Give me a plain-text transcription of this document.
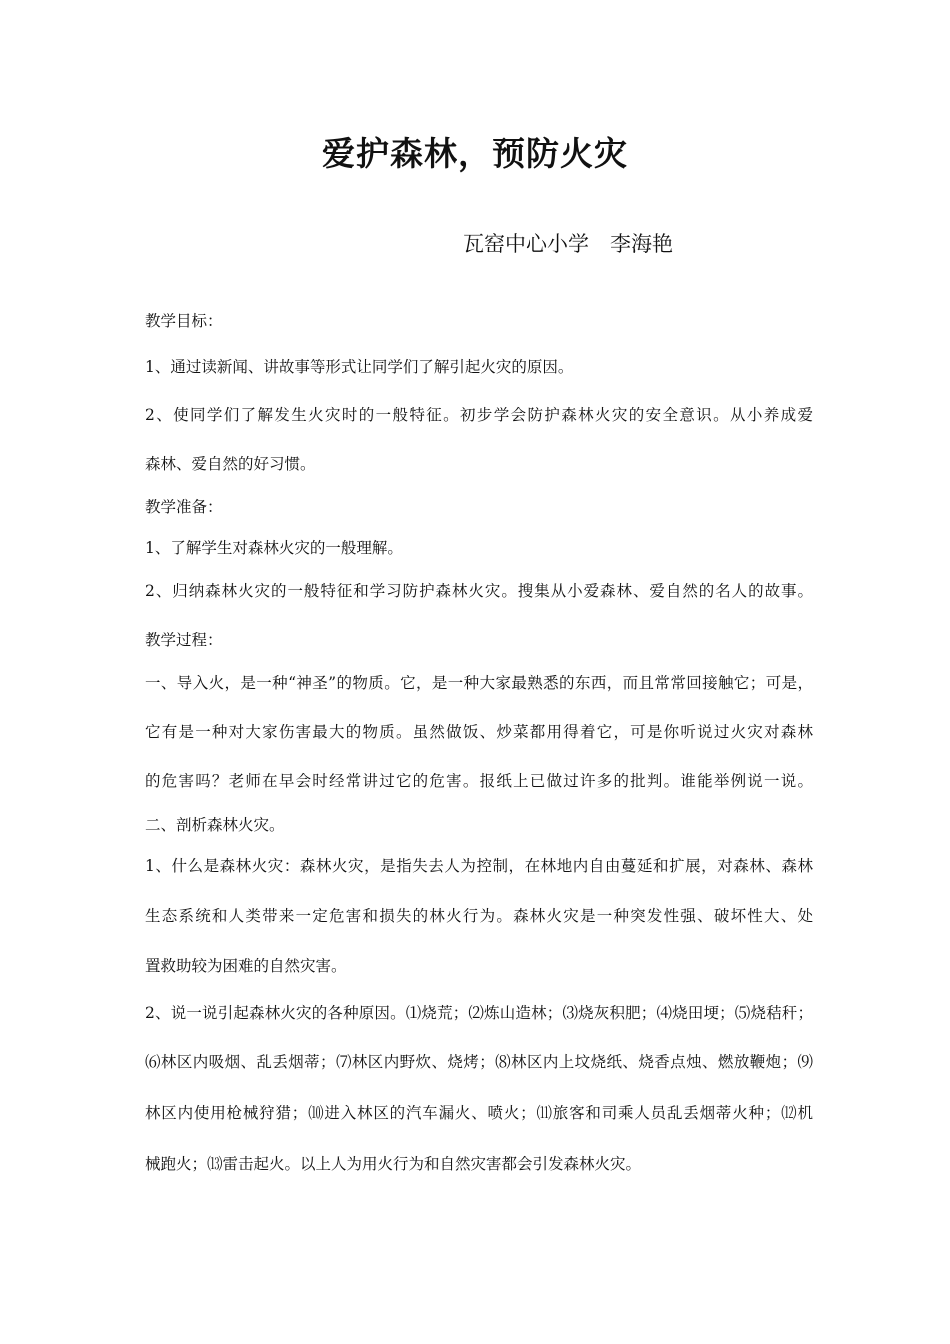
爱护森林，预防火灾
瓦窑中心小学　李海艳
教学目标：
1、通过读新闻、讲故事等形式让同学们了解引起火灾的原因。
2、使同学们了解发生火灾时的一般特征。初步学会防护森林火灾的安全意识。从小养成爱
森林、爱自然的好习惯。
教学准备：
1、了解学生对森林火灾的一般理解。
2、归纳森林火灾的一般特征和学习防护森林火灾。搜集从小爱森林、爱自然的名人的故事。
教学过程：
一、导入火，是一种“神圣”的物质。它，是一种大家最熟悉的东西，而且常常回接触它；可是，
它有是一种对大家伤害最大的物质。虽然做饭、炒菜都用得着它，可是你听说过火灾对森林
的危害吗？老师在早会时经常讲过它的危害。报纸上已做过许多的批判。谁能举例说一说。
二、剖析森林火灾。
1、什么是森林火灾：森林火灾，是指失去人为控制，在林地内自由蔓延和扩展，对森林、森林
生态系统和人类带来一定危害和损失的林火行为。森林火灾是一种突发性强、破坏性大、处
置救助较为困难的自然灾害。
2、说一说引起森林火灾的各种原因。⑴烧荒；⑵炼山造林；⑶烧灰积肥；⑷烧田埂；⑸烧秸秆；
⑹林区内吸烟、乱丢烟蒂；⑺林区内野炊、烧烤；⑻林区内上坟烧纸、烧香点烛、燃放鞭炮；⑼
林区内使用枪械狩猎；⑽进入林区的汽车漏火、喷火；⑾旅客和司乘人员乱丢烟蒂火种；⑿机
械跑火；⒀雷击起火。以上人为用火行为和自然灾害都会引发森林火灾。
